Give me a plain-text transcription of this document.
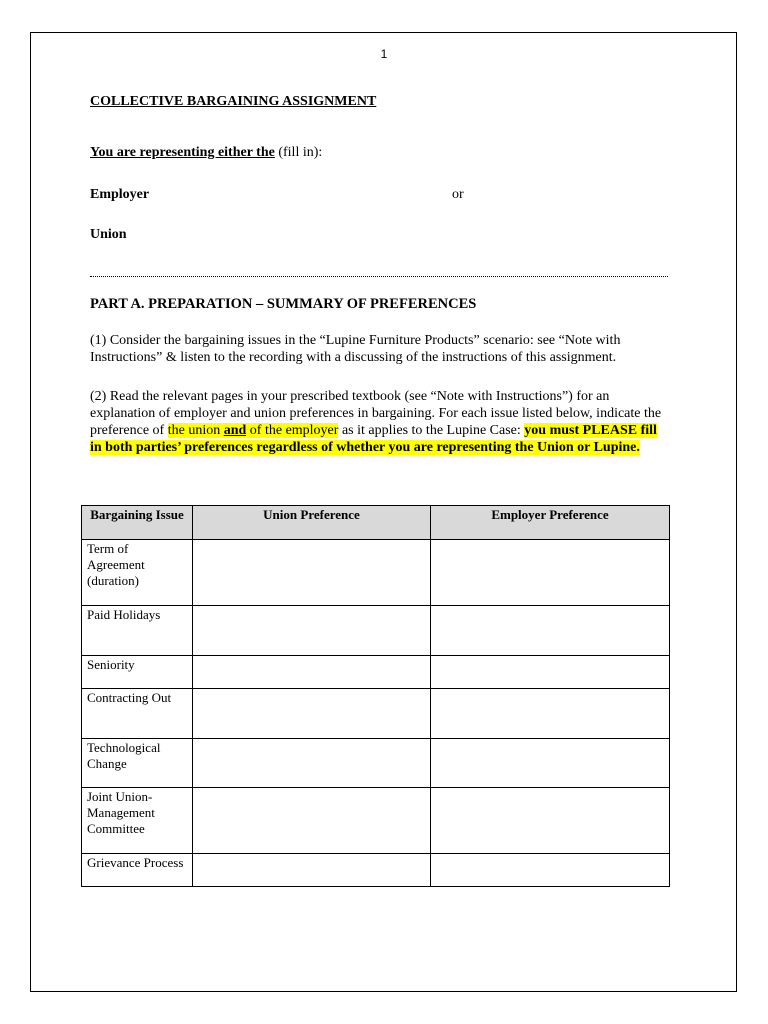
1
COLLECTIVE BARGAINING ASSIGNMENT
You are representing either the (fill in):
Employer	or
Union
PART A. PREPARATION – SUMMARY OF PREFERENCES
(1) Consider the bargaining issues in the “Lupine Furniture Products” scenario: see “Note with Instructions” & listen to the recording with a discussing of the instructions of this assignment.
(2) Read the relevant pages in your prescribed textbook (see “Note with Instructions”) for an explanation of employer and union preferences in bargaining. For each issue listed below, indicate the preference of the union and of the employer as it applies to the Lupine Case: you must PLEASE fill in both parties’ preferences regardless of whether you are representing the Union or Lupine.
Bargaining Issue	Union Preference	Employer Preference
Term of Agreement (duration)		
Paid Holidays		
Seniority		
Contracting Out		
Technological Change		
Joint Union-Management Committee		
Grievance Process		
